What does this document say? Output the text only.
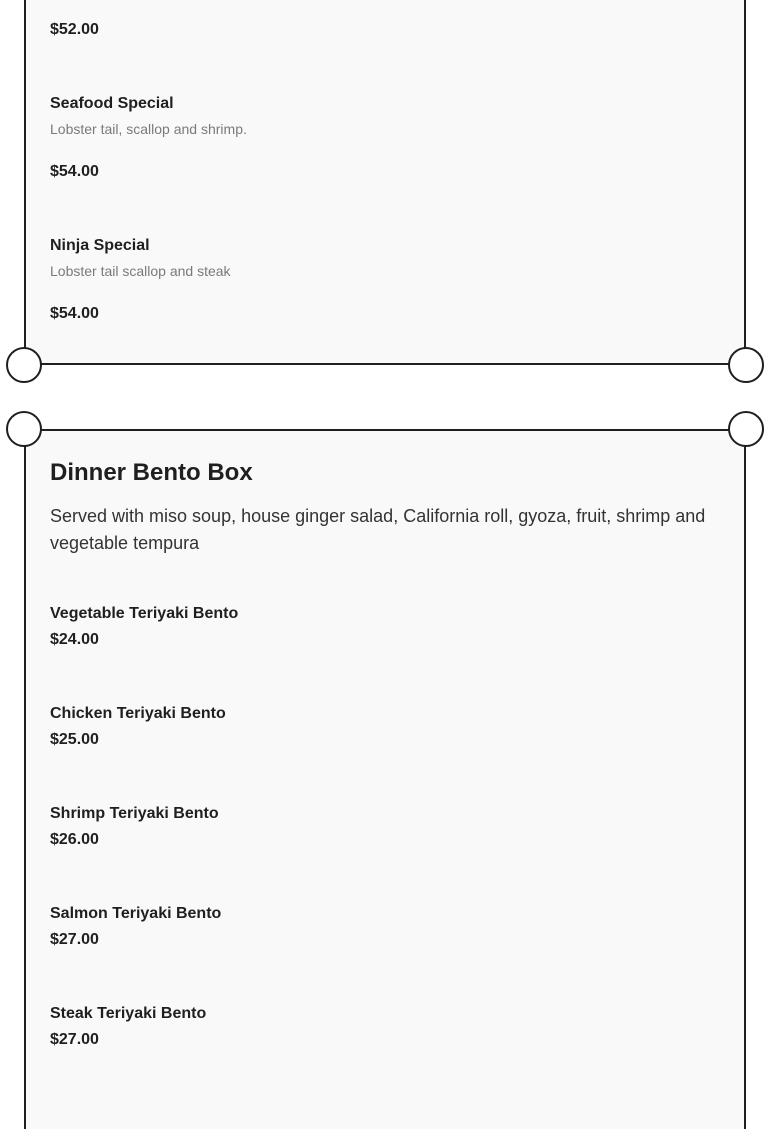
$52.00

Seafood Special

Lobster tail, scallop and shrimp.

$54.00

Ninja Special

Lobster tail scallop and steak

$54.00

Dinner Bento Box

Served with miso soup, house ginger salad, California roll, gyoza, fruit, shrimp and vegetable tempura

Vegetable Teriyaki Bento

$24.00

Chicken Teriyaki Bento

$25.00

Shrimp Teriyaki Bento

$26.00

Salmon Teriyaki Bento

$27.00

Steak Teriyaki Bento

$27.00
